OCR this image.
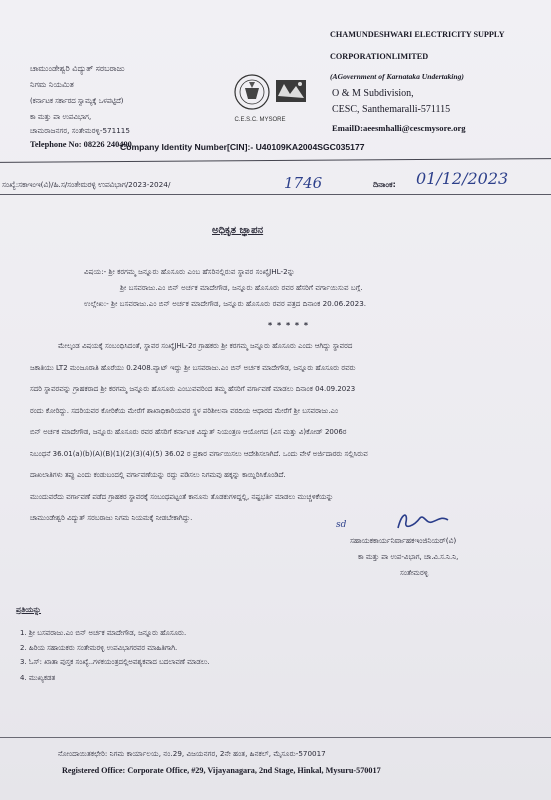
ಚಾಮುಂಡೇಶ್ವರಿ ವಿದ್ಯುತ್ ಸರಬರಾಜು
ನಿಗಮ ನಿಯಮಿತ
(ಕರ್ನಾಟಕ ಸರ್ಕಾರದ ಸ್ವಾಮ್ಯಕ್ಕೆ ಒಳಪಟ್ಟಿದೆ)
ಕಾ ಮತ್ತು ಪಾ ಉಪವಿಭಾಗ,
ಚಾಮರಾಜನಗರ, ಸಂತೇಮರಳ್ಳಿ-571115
Telephone No: 08226 240490
C.E.S.C. MYSORE
CHAMUNDESHWARI ELECTRICITY SUPPLY
CORPORATIONLIMITED
(AGovernment of Karnataka Undertaking)
O & M Subdivision,
CESC, Santhemaralli-571115
EmailD:aeesmhalli@cescmysore.org
Company Identity Number[CIN]:- U40109KA2004SGC035177
ಸಂಖ್ಯೆ:ಸಕಾಇಂಇ(ವಿ)/ಹಿ.ಸ/ಸಂತೇಮರಳ್ಳಿ ಉಪವಿಭಾಗ/2023-2024/	1746	ದಿನಾಂಕ: 01/12/2023
ಅಧಿಕೃತ ಜ್ಞಾಪನ
ವಿಷಯ:- ಶ್ರೀ ಕರಗಮ್ಮ ಜನ್ನೂರು ಹೊಸೂರು ಎಂಬ ಹೆಸರಿನಲ್ಲಿರುವ ಸ್ಥಾವರ ಸಂಖ್ಯೆJHL-2ನ್ನು
ಶ್ರೀ ಬಸವರಾಜು.ಎಂ ಬಿನ್ ಅರ್ಚಕ ಮಾದೇಗೌಡ, ಜನ್ನೂರು ಹೊಸೂರು ರವರ ಹೆಸರಿಗೆ ವರ್ಗಾಯಿಸುವ ಬಗ್ಗೆ.
ಉಲ್ಲೇಖ:- ಶ್ರೀ ಬಸವರಾಜು.ಎಂ ಬಿನ್ ಅರ್ಚಕ ಮಾದೇಗೌಡ, ಜನ್ನೂರು ಹೊಸೂರು ರವರ ಪತ್ರದ ದಿನಾಂಕ 20.06.2023.
* * * * *
ಮೇಲ್ಕಂಡ ವಿಷಯಕ್ಕೆ ಸಂಬಂಧಿಸಿದಂತೆ, ಸ್ಥಾವರ ಸಂಖ್ಯೆJHL-2ರ ಗ್ರಾಹಕರು ಶ್ರೀ ಕರಗಮ್ಮ ಜನ್ನೂರು ಹೊಸೂರು ಎಂದು ಆಗಿದ್ದು ಸ್ಥಾವರದ
ಜಕಾತಿಯು LT2 ಮಂಜೂರಾತಿ ಹೊರೆಯು 0.2408.ವ್ಯಾಟ್ ಇದ್ದು ಶ್ರೀ ಬಸವರಾಜು.ಎಂ ಬಿನ್ ಅರ್ಚಕ ಮಾದೇಗೌಡ, ಜನ್ನೂರು ಹೊಸೂರು ರವರು
ಸದರಿ ಸ್ಥಾವರವನ್ನು ಗ್ರಾಹಕರಾದ ಶ್ರೀ ಕರಗಮ್ಮ ಜನ್ನೂರು ಹೊಸೂರು ಎಂಬುವವರಿಂದ ತಮ್ಮ ಹೆಸರಿಗೆ ವರ್ಗಾವಣೆ ಮಾಡಲು ದಿನಾಂಕ 04.09.2023
ರಂದು ಕೋರಿದ್ದು. ಸದರಿಯವರ ಕೋರಿಕೆಯ ಮೇರೆಗೆ ಶಾಖಾಧಿಕಾರಿಯವರ ಸ್ಥಳ ಪರಿಶೀಲನಾ ವರದಿಯ ಆಧಾರದ ಮೇರೆಗೆ ಶ್ರೀ ಬಸವರಾಜು.ಎಂ
ಬಿನ್ ಅರ್ಚಕ ಮಾದೇಗೌಡ, ಜನ್ನೂರು ಹೊಸೂರು ರವರ ಹೆಸರಿಗೆ ಕರ್ನಾಟಕ ವಿದ್ಯುತ್ ನಿಯಂತ್ರಣ ಆಯೋಗದ (ವಿಸ ಮತ್ತು ವಿ)ಕೋಡ್ 2006ರ
ನಿಬಂಧನೆ 36.01(a)(b)(A)(B)(1)(2)(3)(4)(5) 36.02 ರ ಪ್ರಕಾರ ವರ್ಗಾಯಿಸಲು ಆದೇಶಿಸಲಾಗಿದೆ. ಒಂದು ವೇಳೆ ಅರ್ಜಿದಾರರು ಸಲ್ಲಿಸಿರುವ
ದಾಖಲಾತಿಗಳು ತಪ್ಪು ಎಂದು ಕಂಡುಬಂದಲ್ಲಿ ವರ್ಗಾವಣೆಯನ್ನು ರದ್ದು ಪಡಿಸಲು ನಿಗಮವು ಹಕ್ಕನ್ನು ಕಾಯ್ದಿರಿಸಿಕೊಂಡಿದೆ.
ಮುಂದುವರೆದು ವರ್ಗಾವಣೆ ಪಡೆದ ಗ್ರಾಹಕರ ಸ್ಥಾವರಕ್ಕೆ ಸಂಬಂಧಪಟ್ಟಂತೆ ಕಾನೂನು ತೊಡಕುಗಳಿದ್ದಲ್ಲಿ, ನಷ್ಟಭರ್ತಿ ಮಾಡಲು ಮುಚ್ಚಳಿಕೆಯನ್ನು
ಚಾಮುಂಡೇಶ್ವರಿ ವಿದ್ಯುತ್ ಸರಬರಾಜು ನಿಗಮ ನಿಯಮಕ್ಕೆ ನೀಡಬೇಕಾಗಿದ್ದು.
sd
ಸಹಾಯಕಕಾರ್ಯನಿರ್ವಾಹಕಇಂಜಿನಿಯರ್(ವಿ)
ಕಾ ಮತ್ತು ಪಾ ಉಪ-ವಿಭಾಗ, ಚಾ.ವಿ.ಸ.ನಿ.ನಿ,
ಸಂತೇಮರಳ್ಳಿ
ಪ್ರತಿಯನ್ನು
1. ಶ್ರೀ ಬಸವರಾಜು.ಎಂ ಬಿನ್ ಅರ್ಚಕ ಮಾದೇಗೌಡ, ಜನ್ನೂರು ಹೊಸೂರು.
2. ಹಿರಿಯ ಸಹಾಯಕರು ಸಂತೇಮರಳ್ಳಿ ಉಪವಿಭಾಗರವರ ಮಾಹಿತಿಗಾಗಿ.
3. ಓಸ್: ಖಾತಾ ಪುಸ್ತಕ ಸಂಖ್ಯೆ..ಗಳಕಯಂತ್ರದಲ್ಲಿಅವಶ್ಯಕವಾದ ಬದಲಾವಣೆ ಮಾಡಲು.
4. ಮುಖ್ಯಕಡತ
ನೋಂದಾಯಿತಕಛೇರಿ: ನಿಗಮ ಕಾರ್ಯಾಲಯ, ನಂ.29, ವಿಜಯನಗರ, 2ನೇ ಹಂತ, ಹಿನಕಲ್, ಮೈಸೂರು-570017
Registered Office: Corporate Office, #29, Vijayanagara, 2nd Stage, Hinkal, Mysuru-570017
